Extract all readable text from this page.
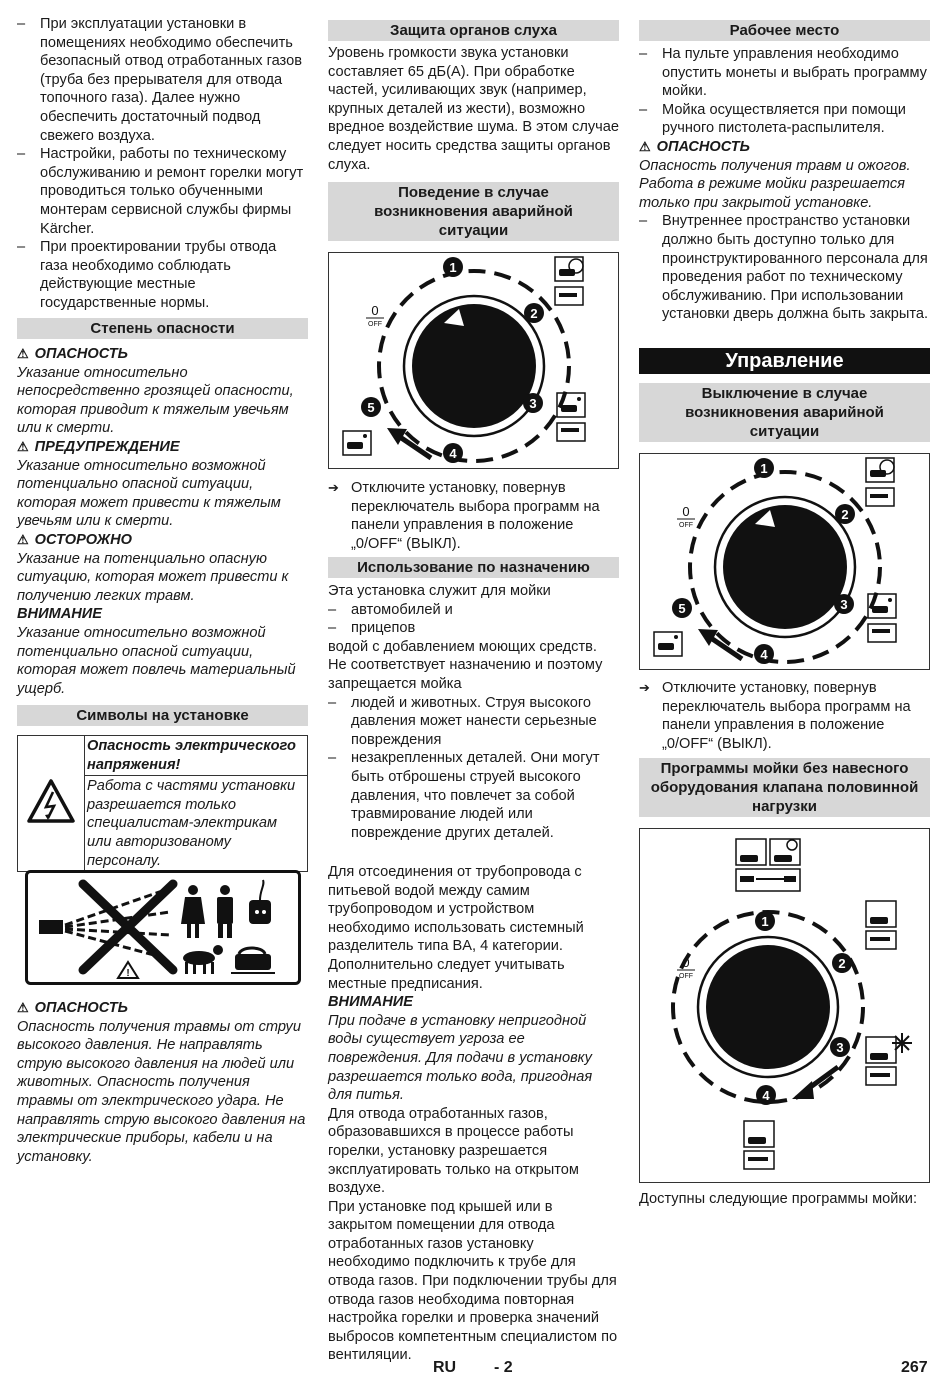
– При эксплуатации установки в помещениях необходимо обеспечить безопасный отвод отработанных газов (труба без прерывателя для отвода топочного газа). Далее нужно обеспечить достаточный подвод свежего воздуха.

– Настройки, работы по техническому обслуживанию и ремонт горелки могут проводиться только обученными монтерам сервисной службы фирмы Kärcher.

– При проектировании трубы отвода газа необходимо соблюдать действующие местные государственные нормы.

Степень опасности

⚠ ОПАСНОСТЬ

Указание относительно непосредственно грозящей опасности, которая приводит к тяжелым увечьям или к смерти.

⚠ ПРЕДУПРЕЖДЕНИЕ

Указание относительно возможной потенциально опасной ситуации, которая может привести к тяжелым увечьям или к смерти.

⚠ ОСТОРОЖНО

Указание на потенциально опасную ситуацию, которая может привести к получению легких травм.

ВНИМАНИЕ

Указание относительно возможной потенциально опасной ситуации, которая может повлечь материальный ущерб.

Символы на установке
	Опасность электрического напряжения!
Работа с частями установки разрешается только специалистам-электрикам или авторизованому персоналу.
!

⚠ ОПАСНОСТЬ

Опасность получения травмы от струи высокого давления. Не направлять струю высокого давления на людей или животных. Опасность получения травмы от электрического удара. Не направлять струю высокого давления на электрические приборы, кабели и на установку.

Защита органов слуха
Уровень громкости звука установки составляет 65 дБ(А). При обработке частей, усиливающих звук (например, крупных деталей из жести), возможно вредное воздействие шума. В этом случае следует носить средства защиты органов слуха.
Поведение в случае возникновения аварийной ситуации
0
OFF
1
2
3
4
5

➔ Отключите установку, повернув переключатель выбора программ на панели управления в положение „0/OFF“ (ВЫКЛ).

Использование по назначению

Эта установка служит для мойки

– автомобилей и

– прицепов

водой с добавлением моющих средств. Не соответствует назначению и поэтому запрещается мойка

– людей и животных. Струя высокого давления может нанести серьезные повреждения

– незакрепленных деталей. Они могут быть отброшены струей высокого давления, что повлечет за собой травмирование людей или повреждение других деталей.

Для отсоединения от трубопровода с питьевой водой между самим трубопроводом и устройством необходимо использовать системный разделитель типа BA, 4 категории. Дополнительно следует учитывать местные предписания.

ВНИМАНИЕ

При подаче в установку непригодной воды существует угроза ее повреждения. Для подачи в установку разрешается только вода, пригодная для питья.

Для отвода отработанных газов, образовавшихся в процессе работы горелки, установку разрешается эксплуатировать только на открытом воздухе.

При установке под крышей или в закрытом помещении для отвода отработанных газов установку необходимо подключить к трубе для отвода газов. При подключении трубы для отвода газов необходима повторная настройка горелки и проверка значений выбросов компетентным специалистом по вентиляции.

Рабочее место

– На пульте управления необходимо опустить монеты и выбрать программу мойки.

– Мойка осуществляется при помощи ручного пистолета-распылителя.

⚠ ОПАСНОСТЬ

Опасность получения травм и ожогов. Работа в режиме мойки разрешается только при закрытой установке.

– Внутреннее пространство установки должно быть доступно только для проинструктированного персонала для проведения работ по техническому обслуживанию. При использовании установки дверь должна быть закрыта.

Управление
Выключение в случае возникновения аварийной ситуации
0
OFF
1
2
3
4
5

➔ Отключите установку, повернув переключатель выбора программ на панели управления в положение „0/OFF“ (ВЫКЛ).

Программы мойки без навесного оборудования клапана половинной нагрузки
0
OFF
1
2
3
4
Доступны следующие программы мойки:
RU - 2	267
